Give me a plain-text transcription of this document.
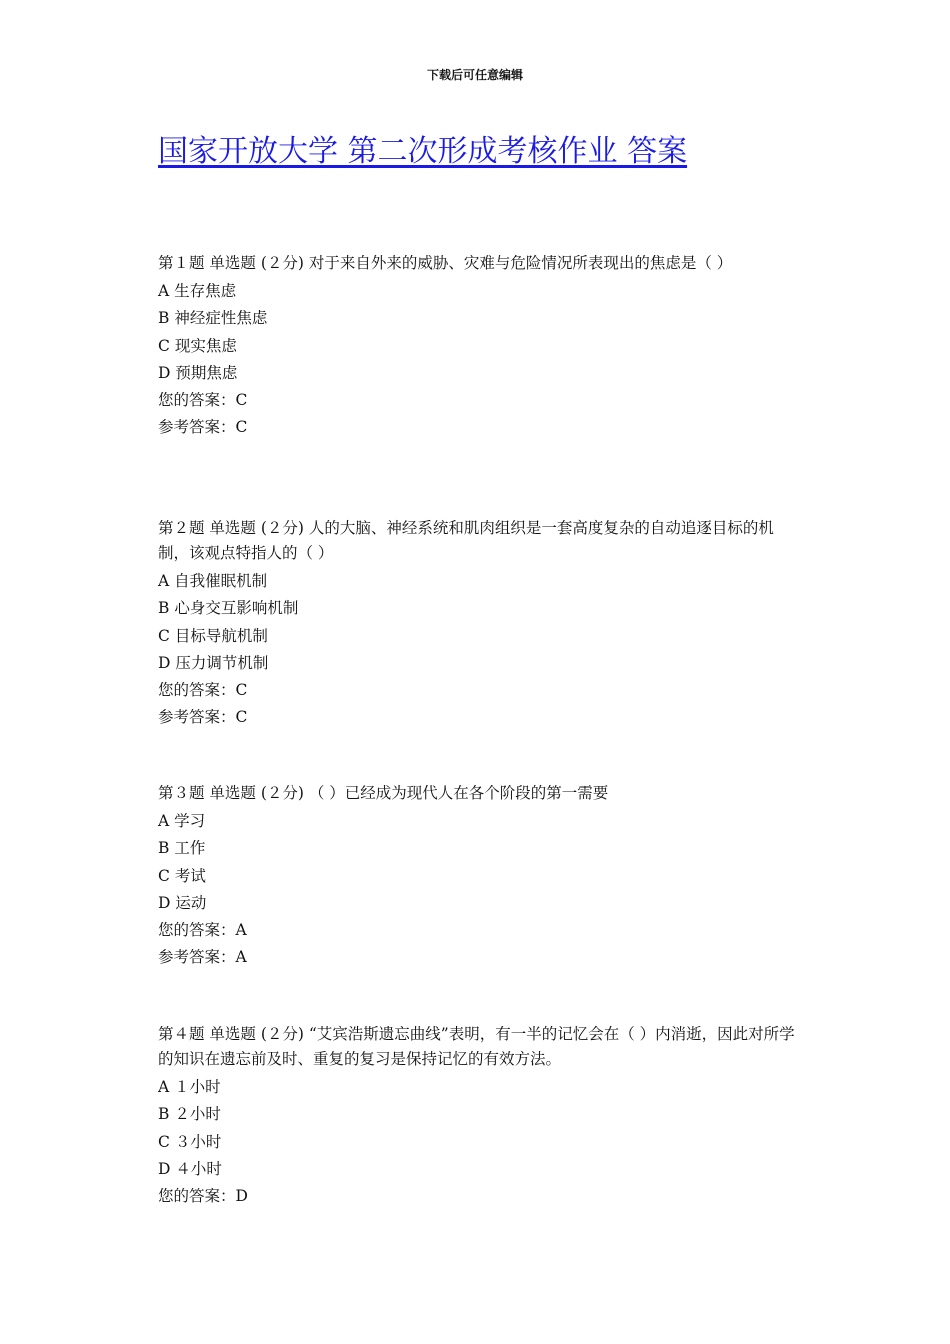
下载后可任意编辑
国家开放大学 第二次形成考核作业 答案

第１题 单选题 (２分) 对于来自外来的威胁、灾难与危险情况所表现出的焦虑是（ ）

A 生存焦虑

B 神经症性焦虑

C 现实焦虑

D 预期焦虑

您的答案：C

参考答案：C

第２题 单选题 (２分) 人的大脑、神经系统和肌肉组织是一套高度复杂的自动追逐目标的机制，该观点特指人的（ ）

A 自我催眠机制

B 心身交互影响机制

C 目标导航机制

D 压力调节机制

您的答案：C

参考答案：C

第３题 单选题 (２分) （ ）已经成为现代人在各个阶段的第一需要

A 学习

B 工作

C 考试

D 运动

您的答案：A

参考答案：A

第４题 单选题 (２分) “艾宾浩斯遗忘曲线”表明，有一半的记忆会在（ ）内消逝，因此对所学的知识在遗忘前及时、重复的复习是保持记忆的有效方法。

A １小时

B ２小时

C ３小时

D ４小时

您的答案：D
